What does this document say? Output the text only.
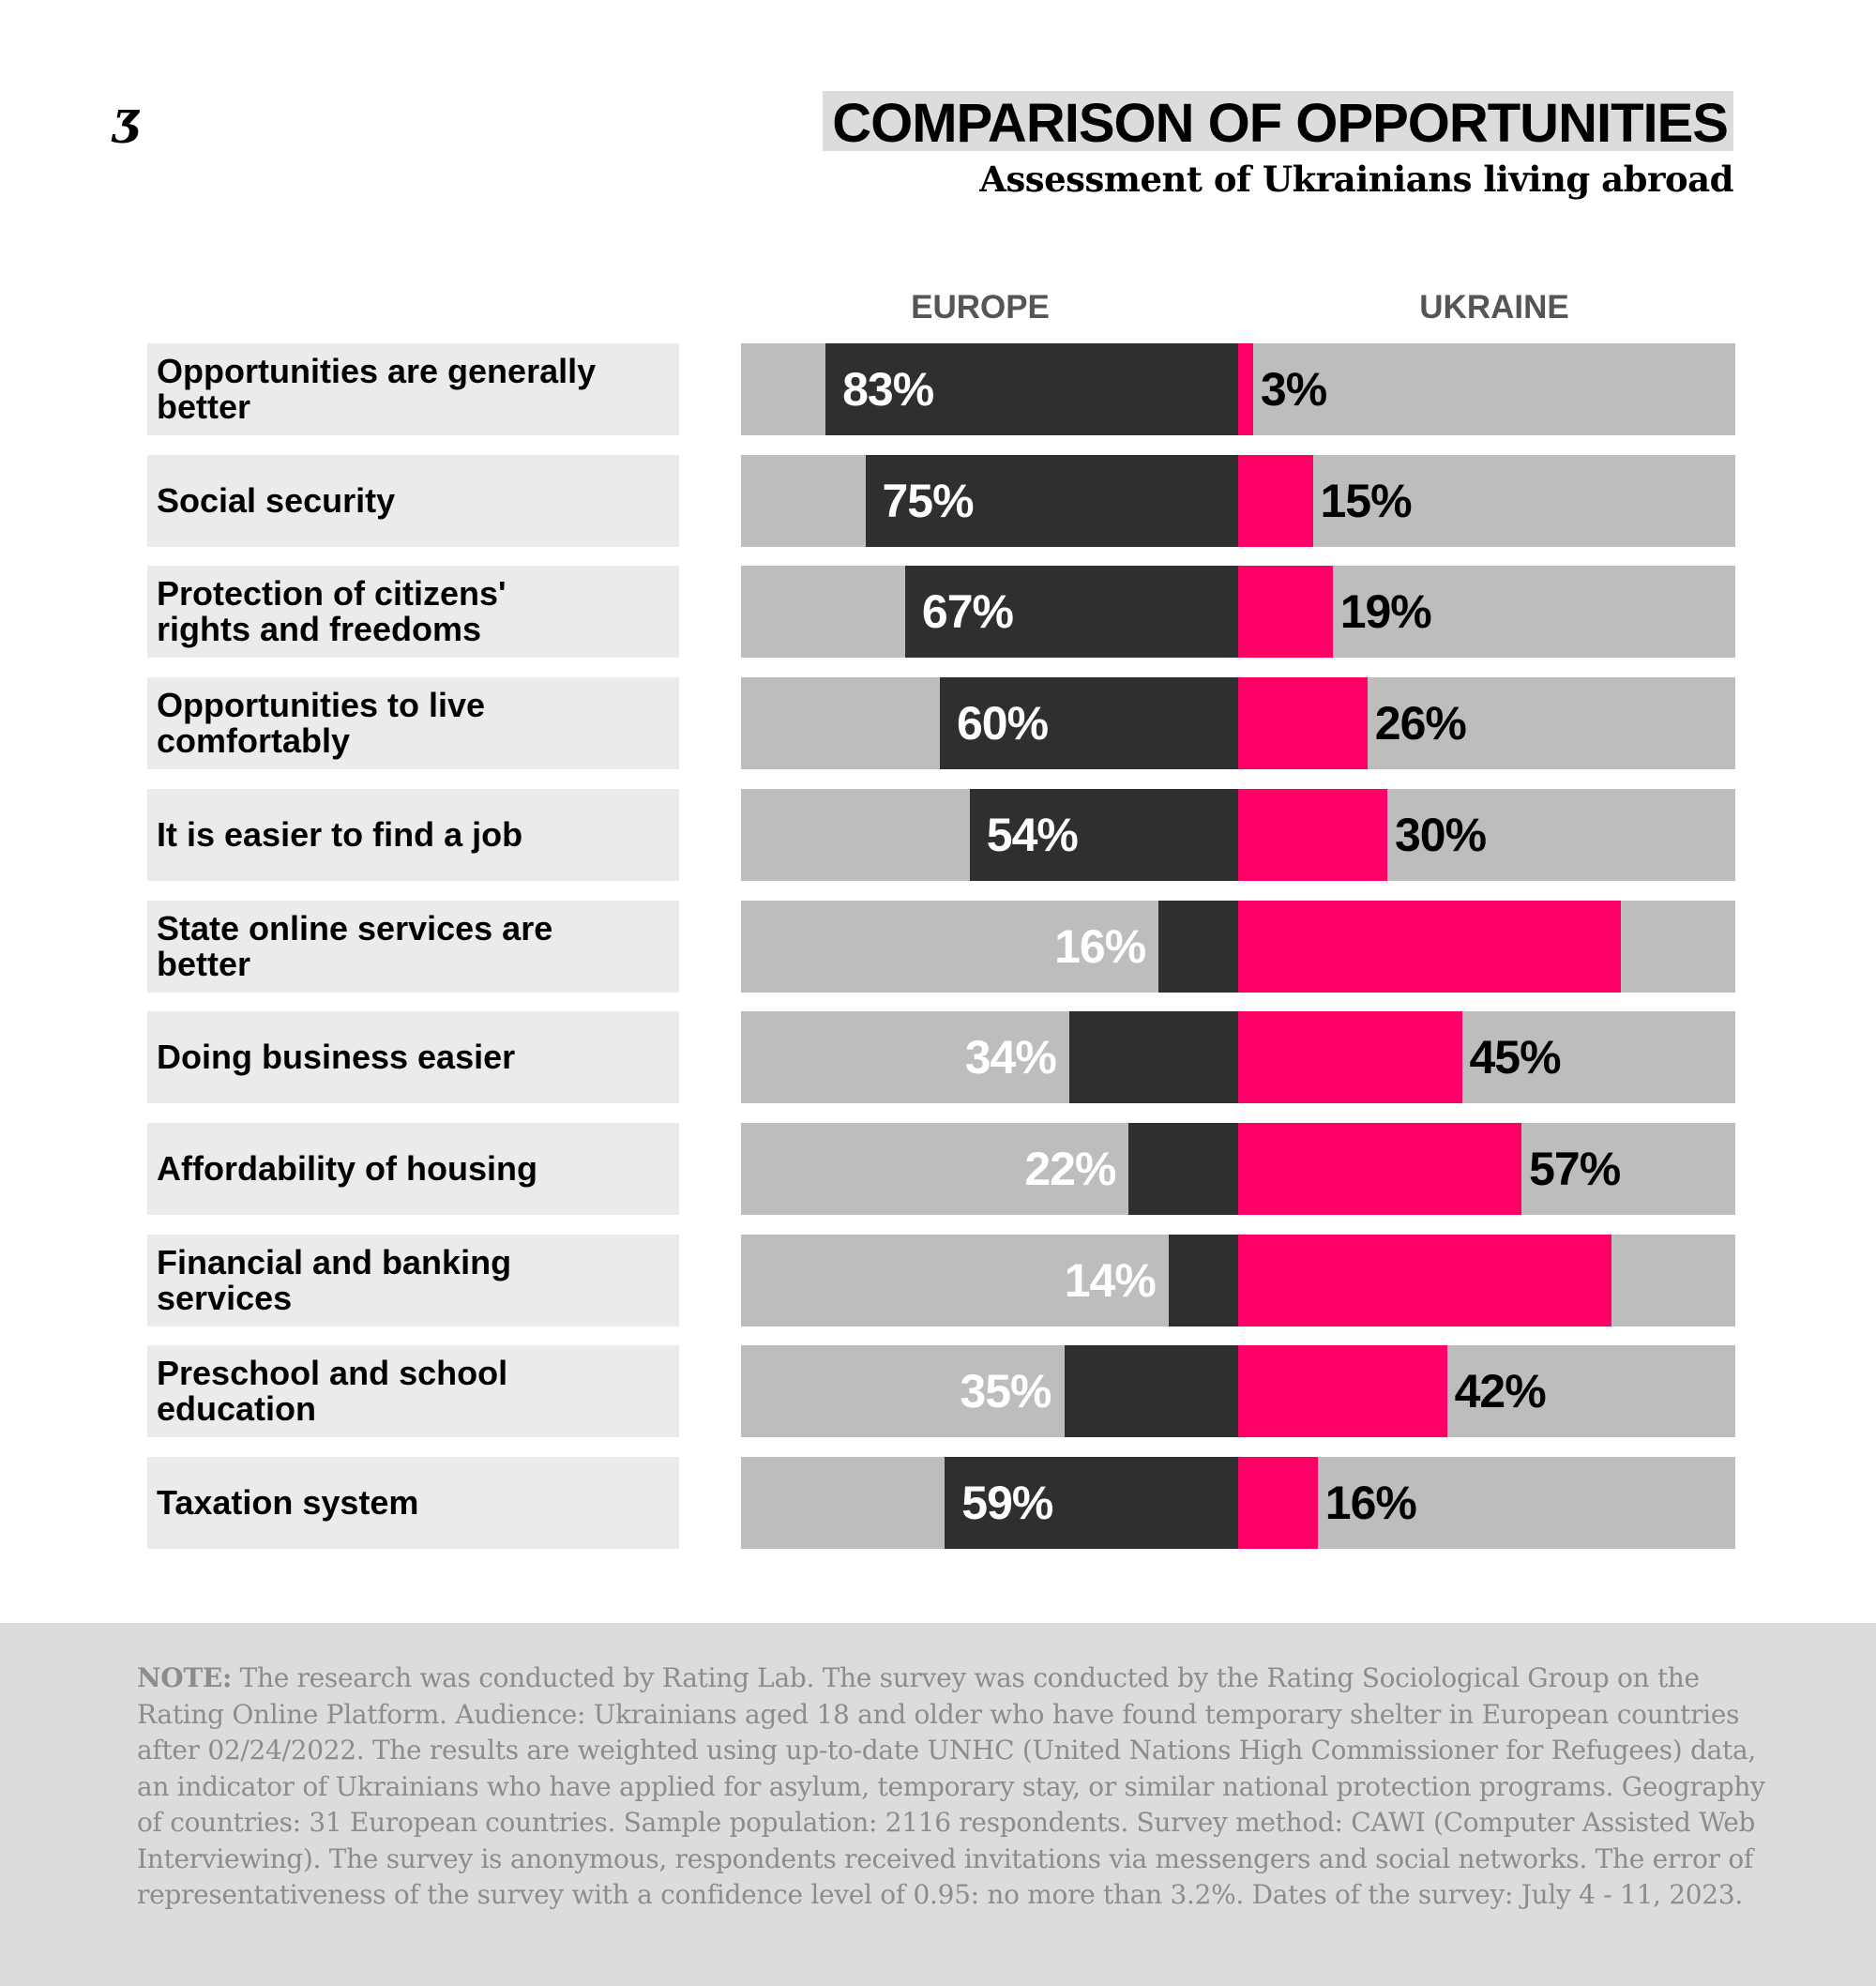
Ʒ	COMPARISON OF OPPORTUNITIES
Assessment of Ukrainians living abroad
EUROPE	UKRAINE
Opportunities are generally better	83%	3%
Social security	75%	15%
Protection of citizens' rights and freedoms	67%	19%
Opportunities to live comfortably	60%	26%
It is easier to find a job	54%	30%
State online services are better	16%
Doing business easier	34%	45%
Affordability of housing	22%	57%
Financial and banking services	14%
Preschool and school education	35%	42%
Taxation system	59%	16%
NOTE: The research was conducted by Rating Lab. The survey was conducted by the Rating Sociological Group on the Rating Online Platform. Audience: Ukrainians aged 18 and older who have found temporary shelter in European countries after 02/24/2022. The results are weighted using up-to-date UNHC (United Nations High Commissioner for Refugees) data, an indicator of Ukrainians who have applied for asylum, temporary stay, or similar national protection programs. Geography of countries: 31 European countries. Sample population: 2116 respondents. Survey method: CAWI (Computer Assisted Web Interviewing). The survey is anonymous, respondents received invitations via messengers and social networks. The error of representativeness of the survey with a confidence level of 0.95: no more than 3.2%. Dates of the survey: July 4 - 11, 2023.
